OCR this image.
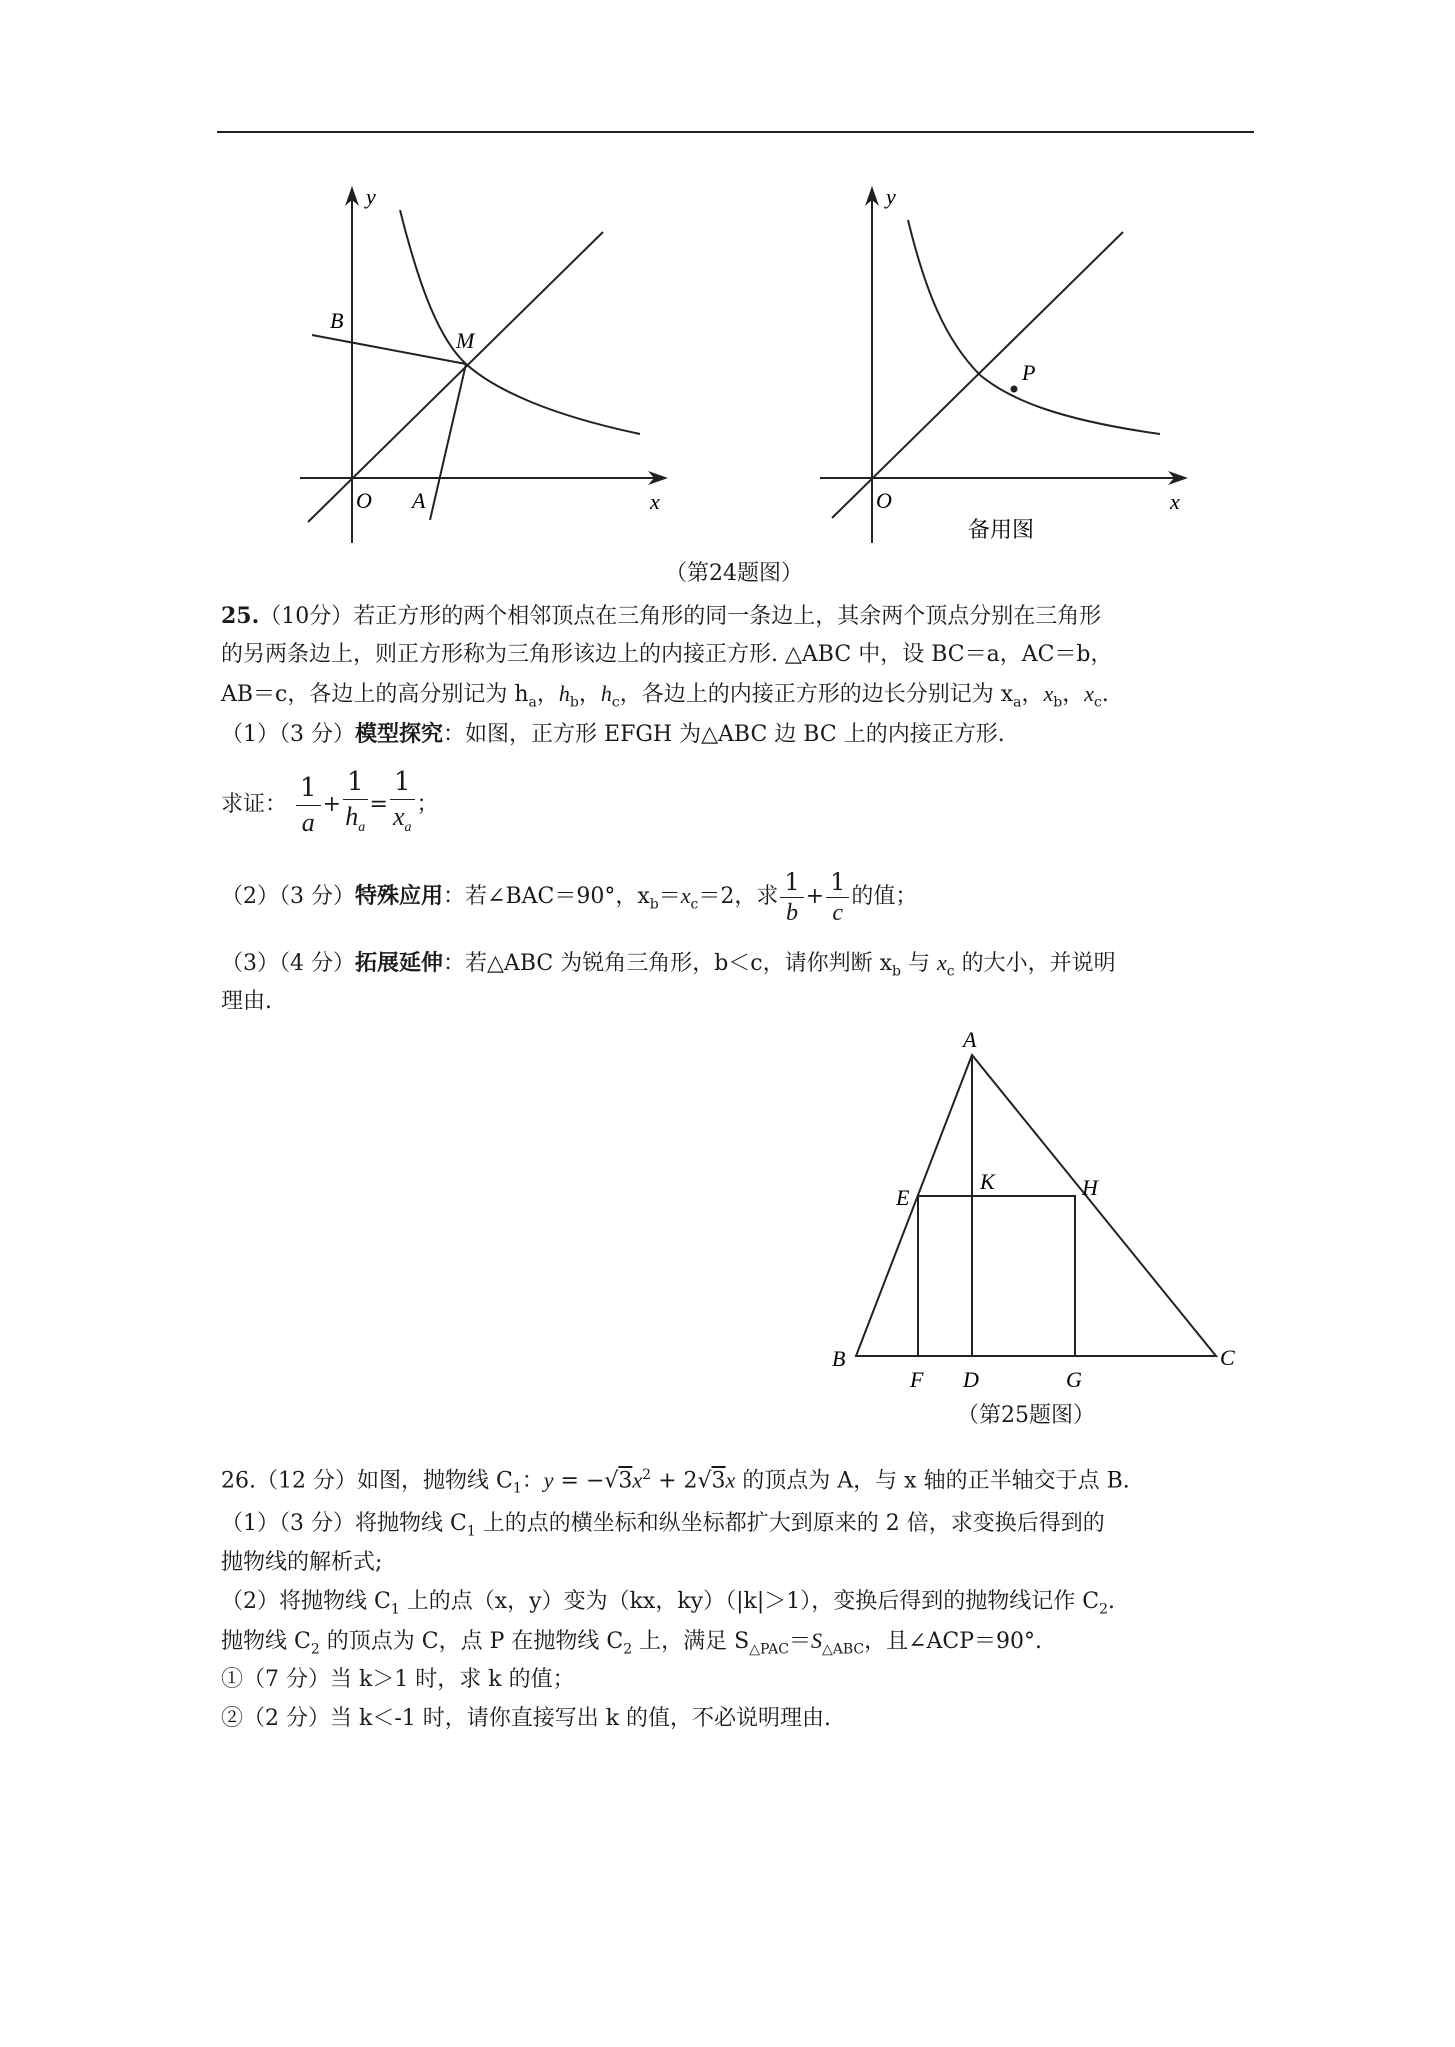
y
x
O A
B
M
y
x
O
P
备用图
（第24题图）
25.（10分）若正方形的两个相邻顶点在三角形的同一条边上，其余两个顶点分别在三角形
的另两条边上，则正方形称为三角形该边上的内接正方形. △ABC 中，设 BC＝a，AC＝b，
AB＝c，各边上的高分别记为 $h_a$，$h_b$，$h_c$，各边上的内接正方形的边长分别记为 $x_a$，$x_b$，$x_c$.
（1）（3 分）模型探究：如图，正方形 EFGH 为△ABC 边 BC 上的内接正方形.
求证： $\frac{1}{a} + \frac{1}{h_a} = \frac{1}{x_a}$ ；
（2）（3 分）特殊应用：若∠BAC＝90°，$x_b=x_c=2$，求 $\frac{1}{b} + \frac{1}{c}$ 的值；
（3）（4 分）拓展延伸：若△ABC 为锐角三角形，b＜c，请你判断 $x_b$ 与 $x_c$ 的大小，并说明
理由.
A
B	C
D
E
F	G
H
K
（第25题图）
26.（12 分）如图，抛物线 $C_1$：$y = -√3x^2 + 2√3x$ 的顶点为 A，与 x 轴的正半轴交于点 B.
（1）（3 分）将抛物线 $C_1$ 上的点的横坐标和纵坐标都扩大到原来的 2 倍，求变换后得到的
抛物线的解析式;
（2）将抛物线 $C_1$ 上的点（x，y）变为（kx，ky）（|k|＞1），变换后得到的抛物线记作 $C_2$.
抛物线 $C_2$ 的顶点为 C，点 P 在抛物线 $C_2$ 上，满足 $S_{\triangle PAC}=S_{\triangle ABC}$，且∠ACP＝90°.
①（7 分）当 k＞1 时，求 k 的值；
②（2 分）当 k＜-1 时，请你直接写出 k 的值，不必说明理由.
